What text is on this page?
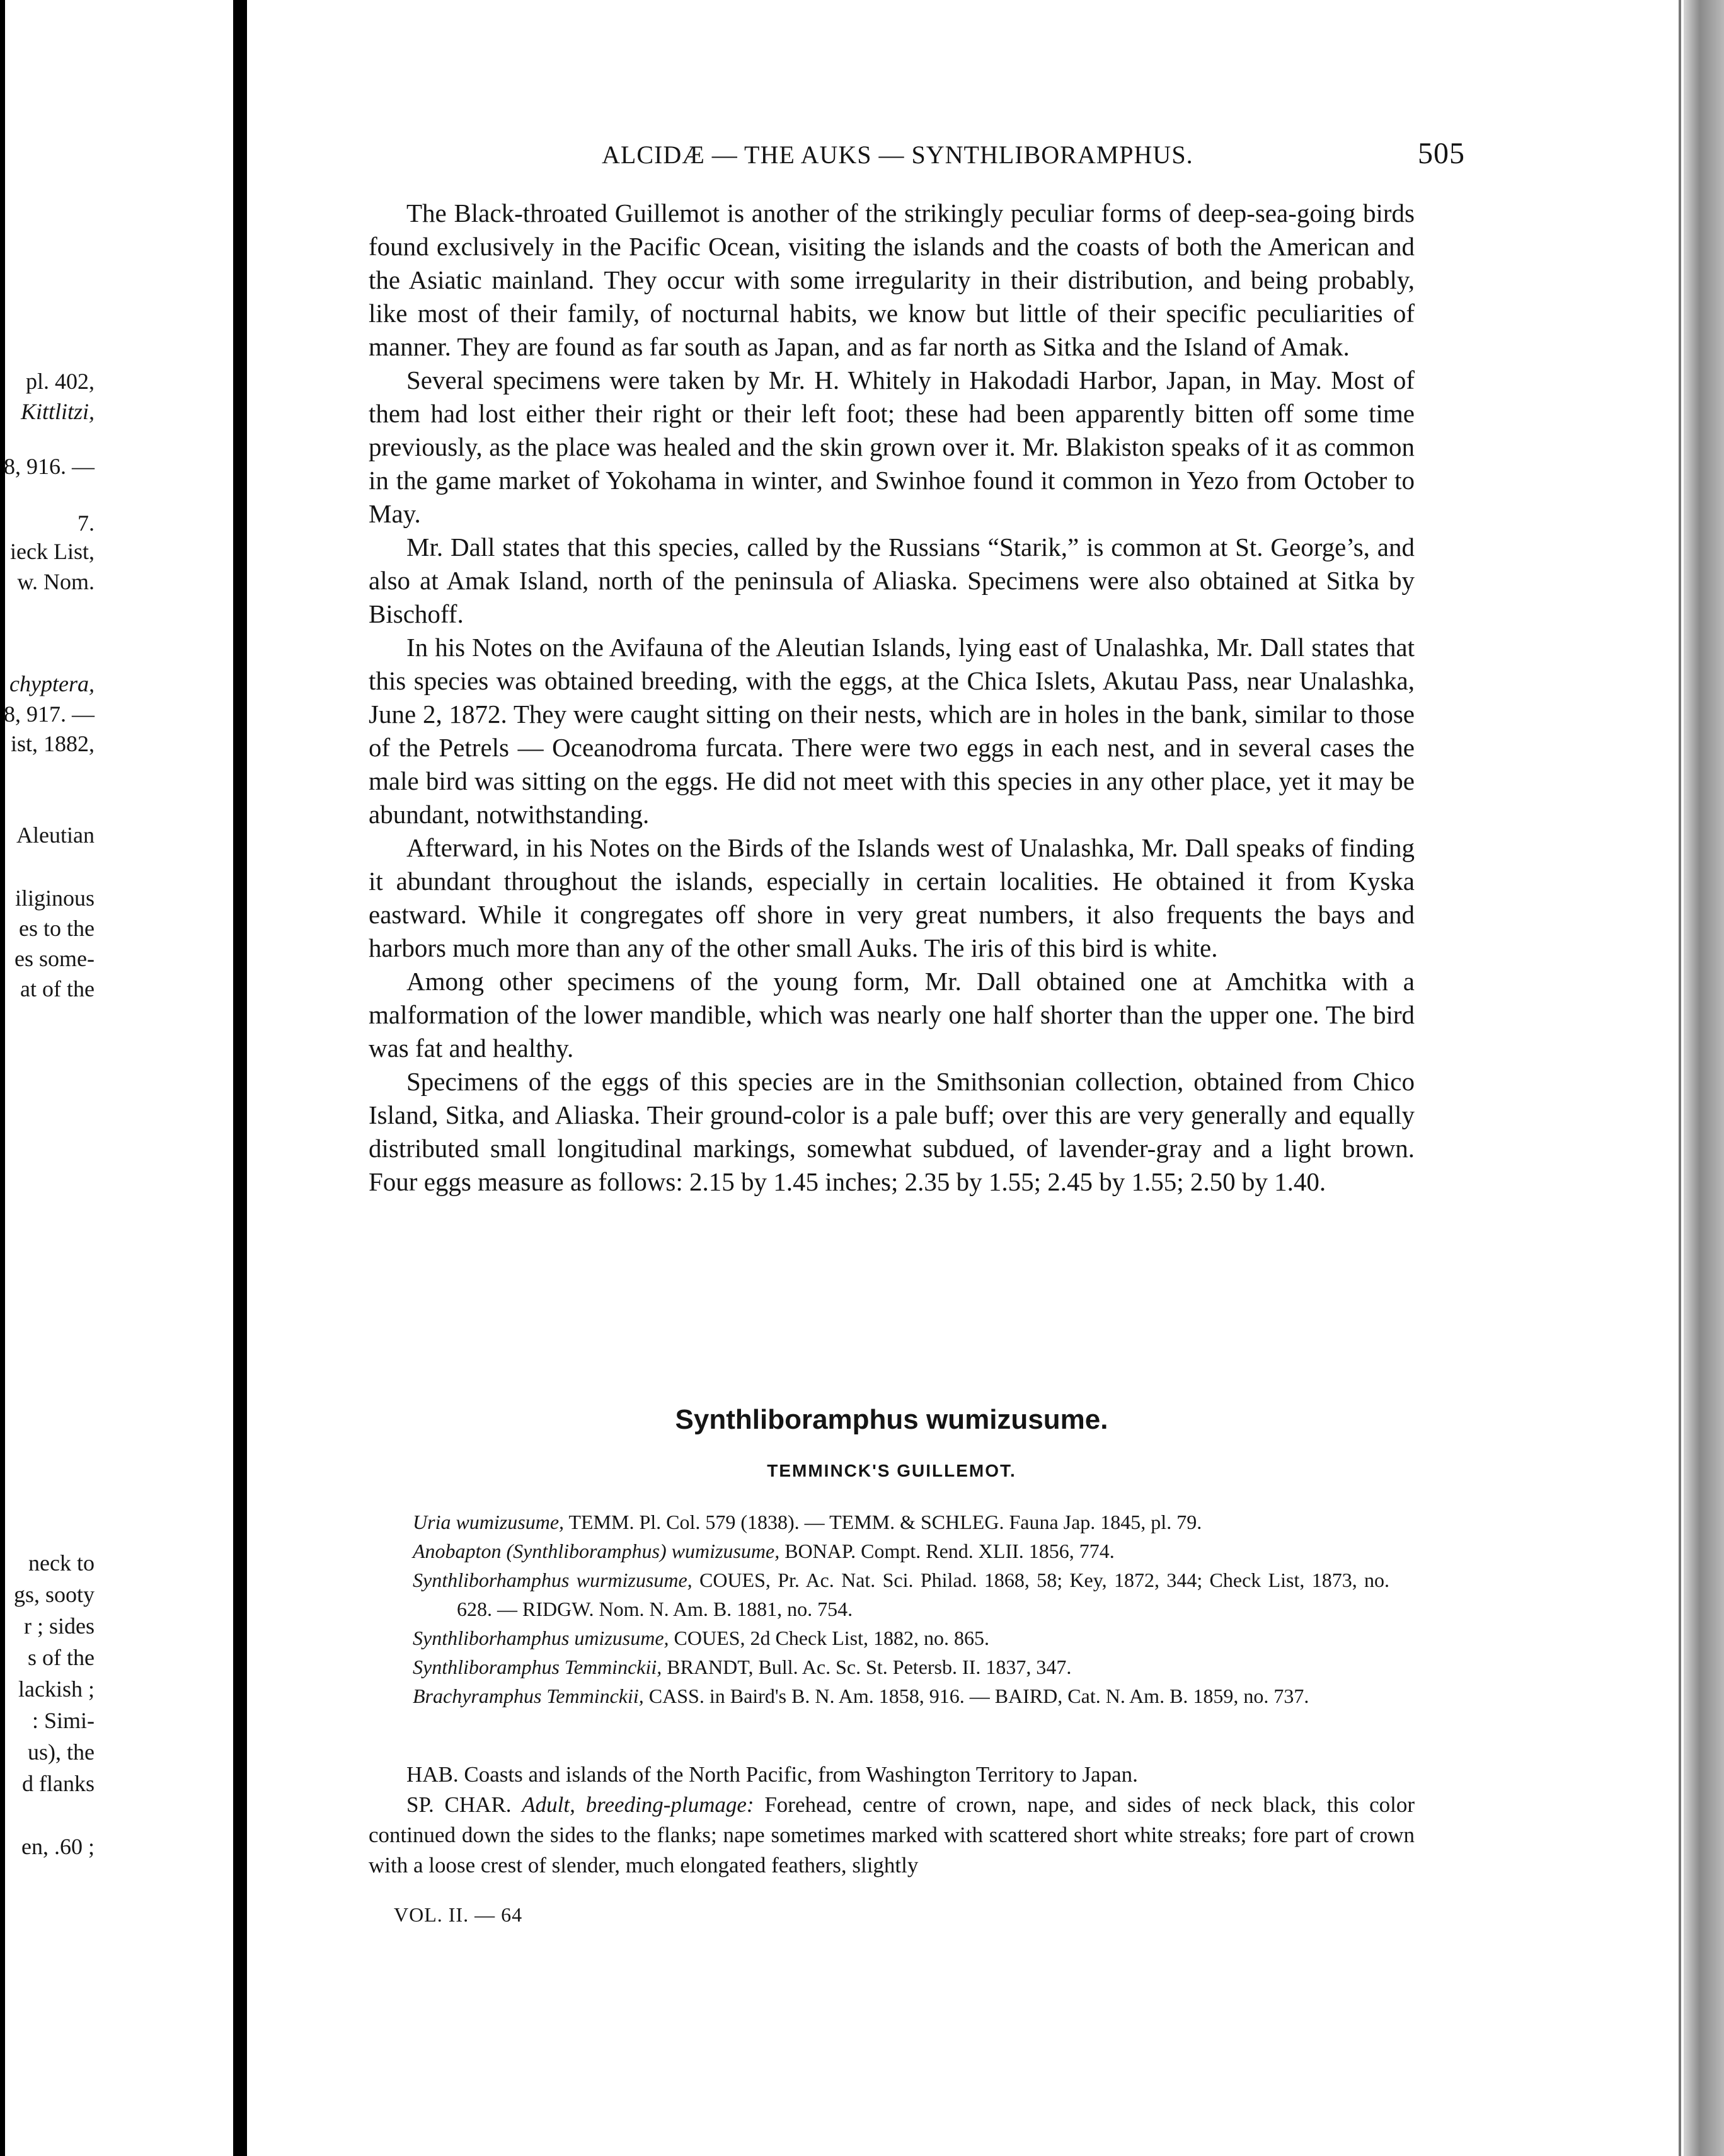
pl. 402,
Kittlitzi,
8, 916. —
7.
ieck List,
w. Nom.
chyptera,
8, 917. —
ist, 1882,
Aleutian
iliginous
es to the
es some-
at of the
neck to
gs, sooty
r ; sides
s of the
lackish ;
: Simi-
us), the
d flanks
en, .60 ;
ALCIDÆ — THE AUKS — SYNTHLIBORAMPHUS.	505

The Black-throated Guillemot is another of the strikingly peculiar forms of deep-sea-going birds found exclusively in the Pacific Ocean, visiting the islands and the coasts of both the American and the Asiatic mainland. They occur with some irregularity in their distribution, and being probably, like most of their family, of nocturnal habits, we know but little of their specific peculiarities of manner. They are found as far south as Japan, and as far north as Sitka and the Island of Amak.

Several specimens were taken by Mr. H. Whitely in Hakodadi Harbor, Japan, in May. Most of them had lost either their right or their left foot; these had been apparently bitten off some time previously, as the place was healed and the skin grown over it. Mr. Blakiston speaks of it as common in the game market of Yokohama in winter, and Swinhoe found it common in Yezo from October to May.

Mr. Dall states that this species, called by the Russians “Starik,” is common at St. George’s, and also at Amak Island, north of the peninsula of Aliaska. Specimens were also obtained at Sitka by Bischoff.

In his Notes on the Avifauna of the Aleutian Islands, lying east of Unalashka, Mr. Dall states that this species was obtained breeding, with the eggs, at the Chica Islets, Akutau Pass, near Unalashka, June 2, 1872. They were caught sitting on their nests, which are in holes in the bank, similar to those of the Petrels — Oceanodroma furcata. There were two eggs in each nest, and in several cases the male bird was sitting on the eggs. He did not meet with this species in any other place, yet it may be abundant, notwithstanding.

Afterward, in his Notes on the Birds of the Islands west of Unalashka, Mr. Dall speaks of finding it abundant throughout the islands, especially in certain localities. He obtained it from Kyska eastward. While it congregates off shore in very great numbers, it also frequents the bays and harbors much more than any of the other small Auks. The iris of this bird is white.

Among other specimens of the young form, Mr. Dall obtained one at Amchitka with a malformation of the lower mandible, which was nearly one half shorter than the upper one. The bird was fat and healthy.

Specimens of the eggs of this species are in the Smithsonian collection, obtained from Chico Island, Sitka, and Aliaska. Their ground-color is a pale buff; over this are very generally and equally distributed small longitudinal markings, somewhat subdued, of lavender-gray and a light brown. Four eggs measure as follows: 2.15 by 1.45 inches; 2.35 by 1.55; 2.45 by 1.55; 2.50 by 1.40.

Synthliboramphus wumizusume.
TEMMINCK'S GUILLEMOT.
Uria wumizusume, TEMM. Pl. Col. 579 (1838). — TEMM. & SCHLEG. Fauna Jap. 1845, pl. 79.
Anobapton (Synthliboramphus) wumizusume, BONAP. Compt. Rend. XLII. 1856, 774.
Synthliborhamphus wurmizusume, COUES, Pr. Ac. Nat. Sci. Philad. 1868, 58; Key, 1872, 344; Check List, 1873, no. 628. — RIDGW. Nom. N. Am. B. 1881, no. 754.
Synthliborhamphus umizusume, COUES, 2d Check List, 1882, no. 865.
Synthliboramphus Temminckii, BRANDT, Bull. Ac. Sc. St. Petersb. II. 1837, 347.
Brachyramphus Temminckii, CASS. in Baird's B. N. Am. 1858, 916. — BAIRD, Cat. N. Am. B. 1859, no. 737.

HAB. Coasts and islands of the North Pacific, from Washington Territory to Japan.

SP. CHAR. Adult, breeding-plumage: Forehead, centre of crown, nape, and sides of neck black, this color continued down the sides to the flanks; nape sometimes marked with scattered short white streaks; fore part of crown with a loose crest of slender, much elongated feathers, slightly

VOL. II. — 64
